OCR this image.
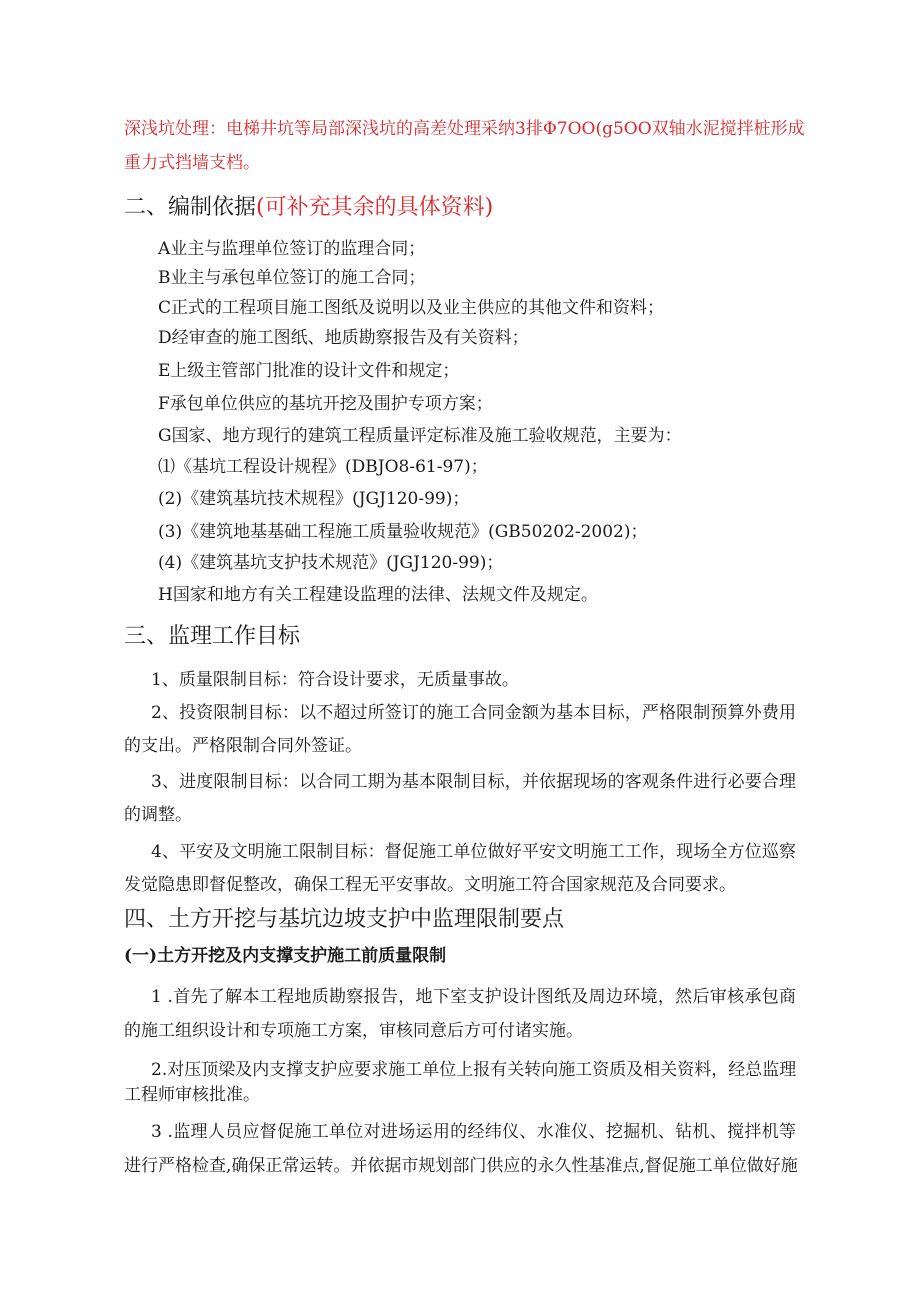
深浅坑处理：电梯井坑等局部深浅坑的高差处理采纳3排Φ7OO(g5OO双轴水泥搅拌桩形成
重力式挡墙支档。
二、编制依据(可补充其余的具体资料)
A业主与监理单位签订的监理合同；
B业主与承包单位签订的施工合同；
C正式的工程项目施工图纸及说明以及业主供应的其他文件和资料；
D经审查的施工图纸、地质勘察报告及有关资料；
E上级主管部门批准的设计文件和规定；
F承包单位供应的基坑开挖及围护专项方案；
G国家、地方现行的建筑工程质量评定标准及施工验收规范，主要为：
⑴《基坑工程设计规程》(DBJO8-61-97)；
(2)《建筑基坑技术规程》(JGJ120-99)；
(3)《建筑地基基础工程施工质量验收规范》(GB50202-2002)；
(4)《建筑基坑支护技术规范》(JGJ120-99)；
H国家和地方有关工程建设监理的法律、法规文件及规定。
三、监理工作目标
1、质量限制目标：符合设计要求，无质量事故。
2、投资限制目标：以不超过所签订的施工合同金额为基本目标，严格限制预算外费用
的支出。严格限制合同外签证。
3、进度限制目标：以合同工期为基本限制目标，并依据现场的客观条件进行必要合理
的调整。
4、平安及文明施工限制目标：督促施工单位做好平安文明施工工作，现场全方位巡察
发觉隐患即督促整改，确保工程无平安事故。文明施工符合国家规范及合同要求。
四、土方开挖与基坑边坡支护中监理限制要点
(一)土方开挖及内支撑支护施工前质量限制
1 .首先了解本工程地质勘察报告，地下室支护设计图纸及周边环境，然后审核承包商
的施工组织设计和专项施工方案，审核同意后方可付诸实施。
2.对压顶梁及内支撑支护应要求施工单位上报有关转向施工资质及相关资料，经总监理
工程师审核批准。
3 .监理人员应督促施工单位对进场运用的经纬仪、水准仪、挖掘机、钻机、搅拌机等
进行严格检查,确保正常运转。并依据市规划部门供应的永久性基准点,督促施工单位做好施
